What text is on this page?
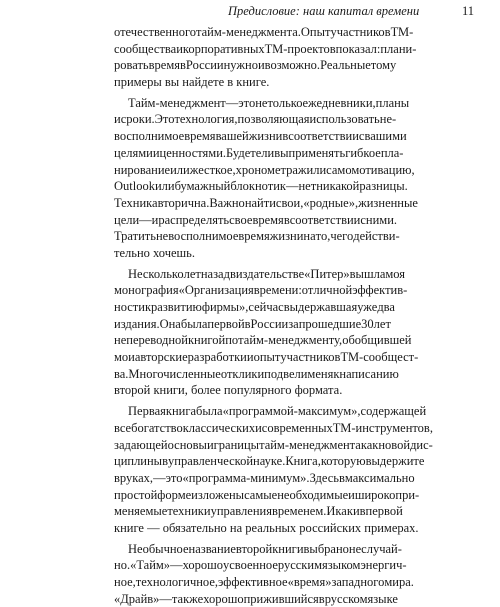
Предисловие: наш капитал времени	11
отечественного тайм-менеджмента. Опыт участников ТМ-
сообщества и корпоративных ТМ-проектов показал: плани-
ровать время в России нужно и возможно. Реальные тому
примеры вы найдете в книге.
Тайм-менеджмент — это не только ежедневники, планы
и сроки. Это технология, позволяющая использовать не-
восполнимое время вашей жизни в соответствии с вашими
целями и ценностями. Будете ли вы применять гибкое пла-
нирование или жесткое, хронометраж или самомотивацию,
Outlook или бумажный блокнотик — нет никакой разницы.
Техника вторична. Важно найти свои, «родные», жизненные
цели — и распределять свое время в соответствии с ними.
Тратить невосполнимое время жизни на то, чего действи-
тельно хочешь.
Несколько лет назад в издательстве «Питер» вышла моя
монография «Организация времени: от личной эффектив-
ности к развитию фирмы», сейчас выдержавшая уже два
издания. Она была первой в России за прошедшие 30 лет
не переводной книгой по тайм-менеджменту, обобщившей
мои авторские разработки и опыт участников ТМ-сообщест-
ва. Многочисленные отклики подвели меня к написанию
второй книги, более популярного формата.
Первая книга была «программой-максимум», содержащей
все богатство классических и современных ТМ-инструментов,
задающей основы и границы тайм-менеджмента как новой дис-
циплины в управленческой науке. Книга, которую вы держите
в руках, — это «программа-минимум». Здесь в максимально
простой форме изложены самые необходимые и широко при-
меняемые техники управления временем. И как и в первой
книге — обязательно на реальных российских примерах.
Необычное название второй книги выбрано не случай-
но. «Тайм» — хорошо усвоенное русским языком энергич-
ное, технологичное, эффективное «время» западного мира.
«Драйв» — так же хорошо прижившийся в русском языке
